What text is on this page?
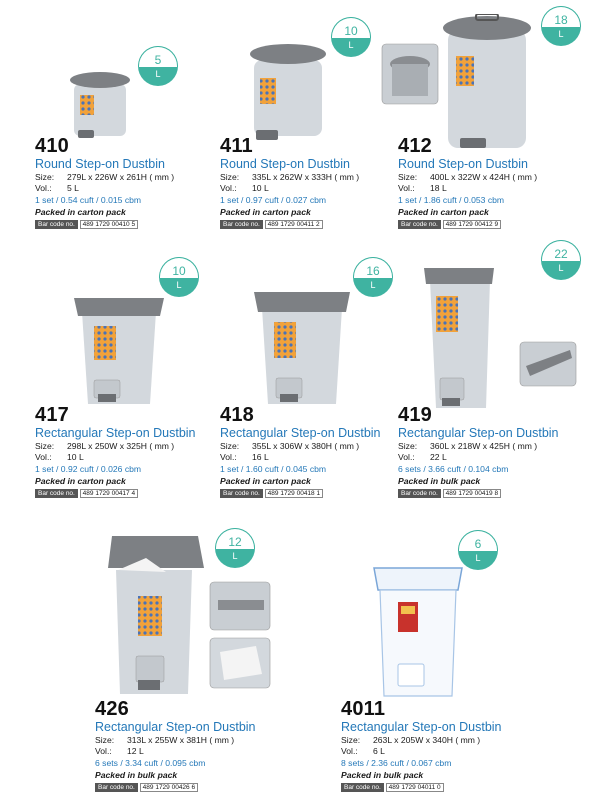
5
L
410
Round Step-on Dustbin
Size: 279L x 226W x 261H ( mm )
Vol.: 5 L
1 set / 0.54 cuft / 0.015 cbm
Packed in carton pack
Bar code no. 489 1729 00410 5
10
L
411
Round Step-on Dustbin
Size: 335L x 262W x 333H ( mm )
Vol.: 10 L
1 set / 0.97 cuft / 0.027 cbm
Packed in carton pack
Bar code no. 489 1729 00411 2
18
L
412
Round Step-on Dustbin
Size: 400L x 322W x 424H ( mm )
Vol.: 18 L
1 set / 1.86 cuft / 0.053 cbm
Packed in carton pack
Bar code no. 489 1729 00412 9
10
L
417
Rectangular Step-on Dustbin
Size: 298L x 250W x 325H ( mm )
Vol.: 10 L
1 set / 0.92 cuft / 0.026 cbm
Packed in carton pack
Bar code no. 489 1729 00417 4
16
L
418
Rectangular Step-on Dustbin
Size: 355L x 306W x 380H ( mm )
Vol.: 16 L
1 set / 1.60 cuft / 0.045 cbm
Packed in carton pack
Bar code no. 489 1729 00418 1
22
L
419
Rectangular Step-on Dustbin
Size: 360L x 218W x 425H ( mm )
Vol.: 22 L
6 sets / 3.66 cuft / 0.104 cbm
Packed in bulk pack
Bar code no. 489 1729 00419 8
12
L
426
Rectangular Step-on Dustbin
Size: 313L x 255W x 381H ( mm )
Vol.: 12 L
6 sets / 3.34 cuft / 0.095 cbm
Packed in bulk pack
Bar code no. 489 1729 00426 6
6
L
4011
Rectangular Step-on Dustbin
Size: 263L x 205W x 340H ( mm )
Vol.: 6 L
8 sets / 2.36 cuft / 0.067 cbm
Packed in bulk pack
Bar code no. 489 1729 04011 0
